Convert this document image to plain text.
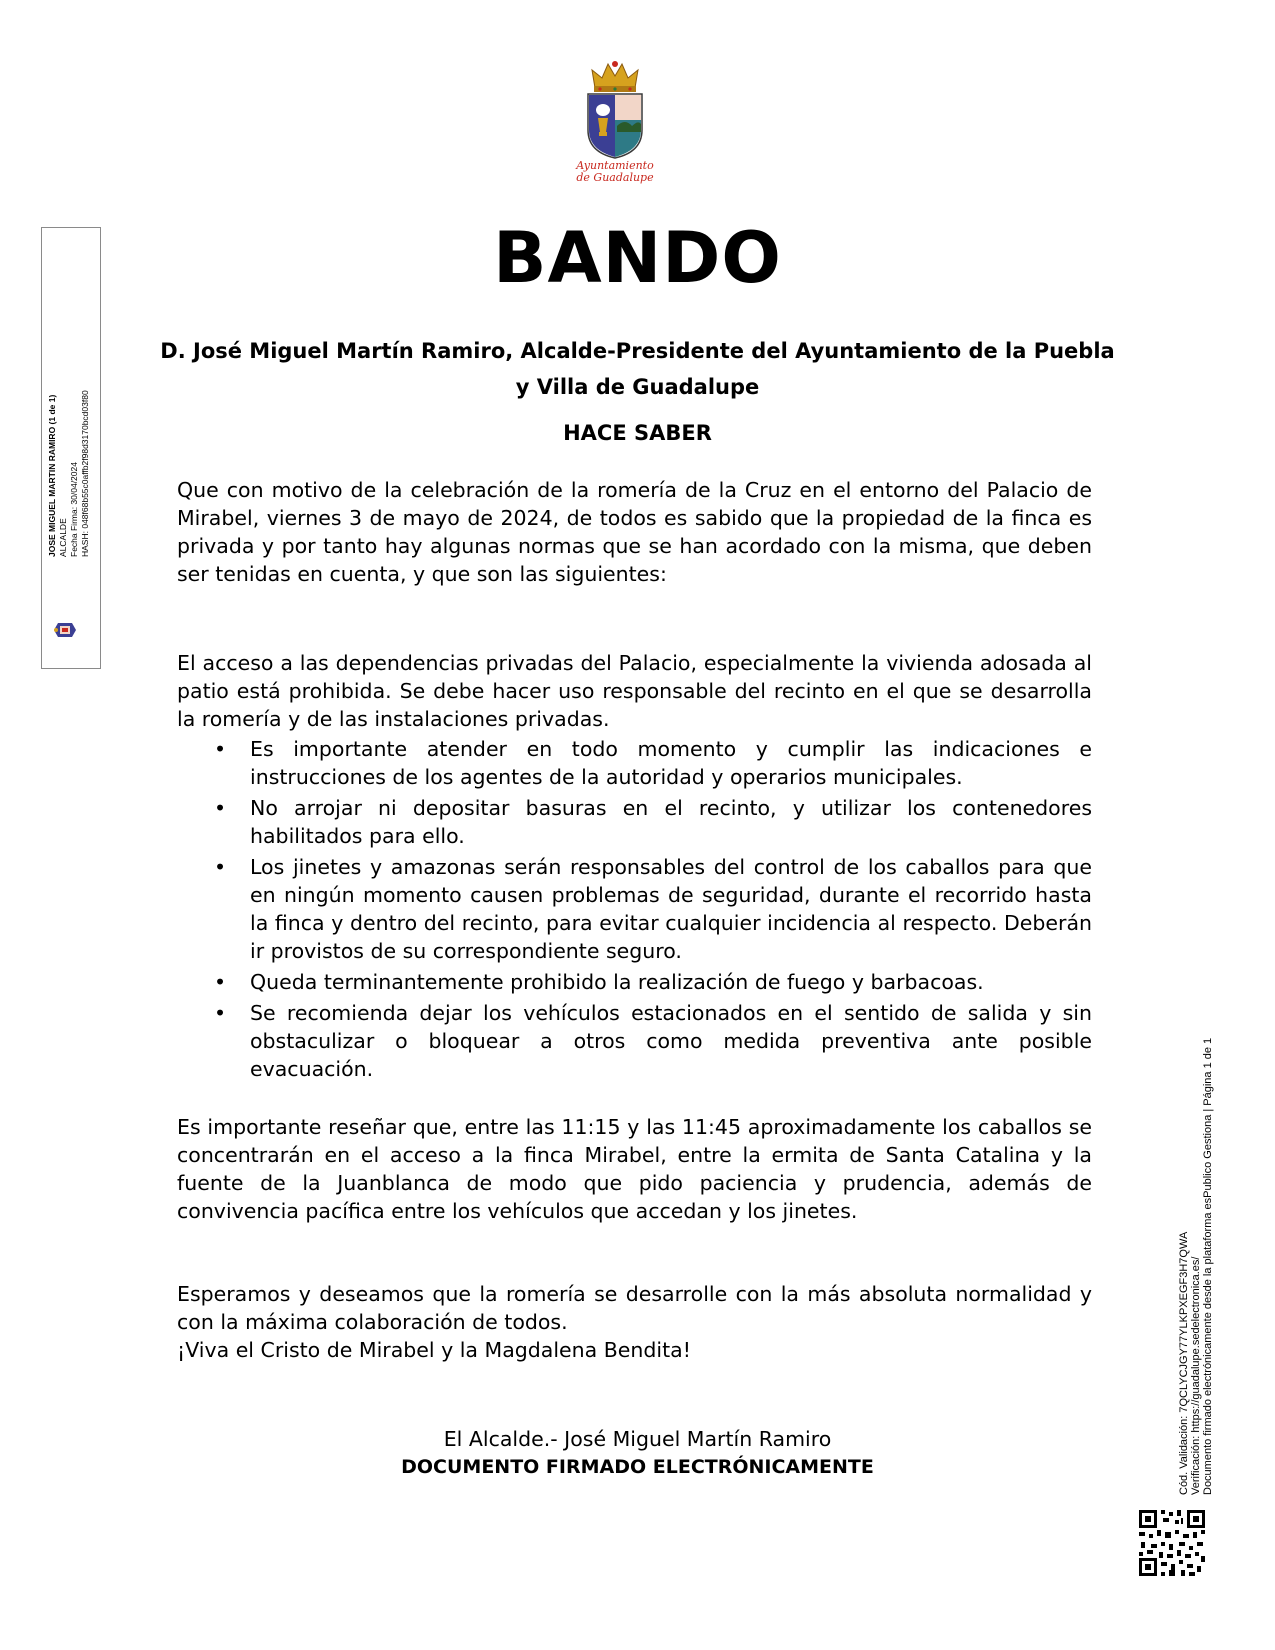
Ayuntamiento
de Guadalupe
BANDO
D. José Miguel Martín Ramiro, Alcalde-Presidente del Ayuntamiento de la Puebla y Villa de Guadalupe
HACE SABER
Que con motivo de la celebración de la romería de la Cruz en el entorno del Palacio de Mirabel, viernes 3 de mayo de 2024, de todos es sabido que la propiedad de la finca es privada y por tanto hay algunas normas que se han acordado con la misma, que deben ser tenidas en cuenta, y que son las siguientes:
El acceso a las dependencias privadas del Palacio, especialmente la vivienda adosada al patio está prohibida. Se debe hacer uso responsable del recinto en el que se desarrolla la romería y de las instalaciones privadas.
• Es importante atender en todo momento y cumplir las indicaciones e instrucciones de los agentes de la autoridad y operarios municipales.
• No arrojar ni depositar basuras en el recinto, y utilizar los contenedores habilitados para ello.
• Los jinetes y amazonas serán responsables del control de los caballos para que en ningún momento causen problemas de seguridad, durante el recorrido hasta la finca y dentro del recinto, para evitar cualquier incidencia al respecto. Deberán ir provistos de su correspondiente seguro.
• Queda terminantemente prohibido la realización de fuego y barbacoas.
• Se recomienda dejar los vehículos estacionados en el sentido de salida y sin obstaculizar o bloquear a otros como medida preventiva ante posible evacuación.
Es importante reseñar que, entre las 11:15 y las 11:45 aproximadamente los caballos se concentrarán en el acceso a la finca Mirabel, entre la ermita de Santa Catalina y la fuente de la Juanblanca de modo que pido paciencia y prudencia, además de convivencia pacífica entre los vehículos que accedan y los jinetes.
Esperamos y deseamos que la romería se desarrolle con la más absoluta normalidad y con la máxima colaboración de todos.
¡Viva el Cristo de Mirabel y la Magdalena Bendita!
El Alcalde.- José Miguel Martín Ramiro
DOCUMENTO FIRMADO ELECTRÓNICAMENTE
JOSE MIGUEL MARTIN RAMIRO (1 de 1) ALCALDE Fecha Firma: 30/04/2024 HASH: 048f68b55c0affb2f98d3170bcd03f80
Cód. Validación: 7QCLYCJGY77YLKPXEGF3H7QWA Verificación: https://guadalupe.sedelectronica.es/ Documento firmado electrónicamente desde la plataforma esPublico Gestiona | Página 1 de 1
